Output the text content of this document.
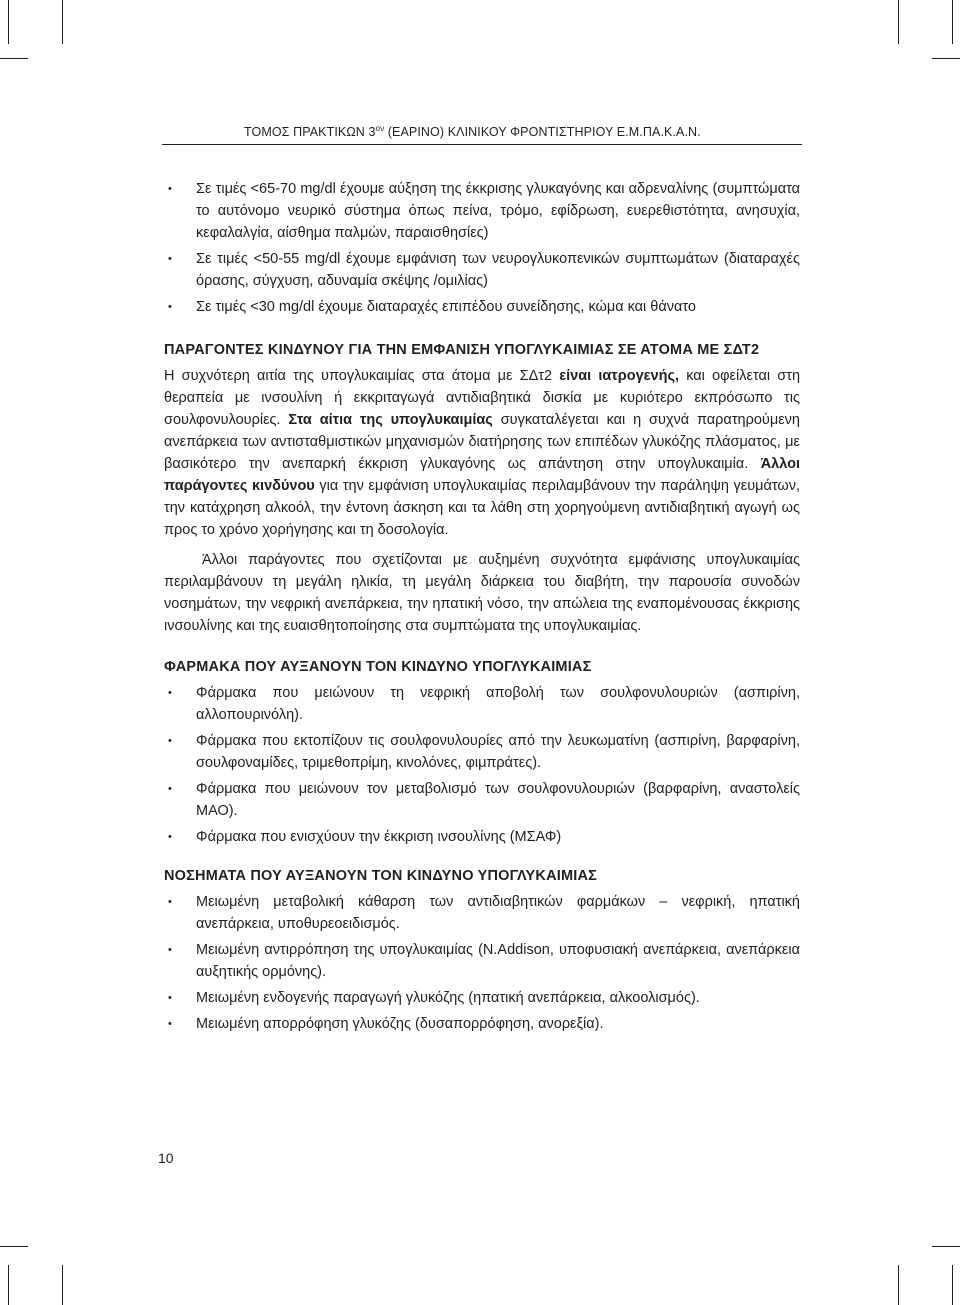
ΤΟΜΟΣ ΠΡΑΚΤΙΚΩΝ $3^{o\nu}$ (ΕΑΡΙΝΟ) ΚΛΙΝΙΚΟΥ ΦΡΟΝΤΙΣΤΗΡΙΟΥ Ε.Μ.ΠΑ.Κ.Α.Ν.
• Σε τιμές <65-70 mg/dl έχουμε αύξηση της έκκρισης γλυκαγόνης και αδρεναλίνης (συμπτώματα το αυτόνομο νευρικό σύστημα όπως πείνα, τρόμο, εφίδρωση, ευερεθιστότητα, ανησυχία, κεφαλαλγία, αίσθημα παλμών, παραισθησίες)
• Σε τιμές <50-55 mg/dl έχουμε εμφάνιση των νευρογλυκοπενικών συμπτωμάτων (διαταραχές όρασης, σύγχυση, αδυναμία σκέψης /ομιλίας)
• Σε τιμές <30 mg/dl έχουμε διαταραχές επιπέδου συνείδησης, κώμα και θάνατο
ΠΑΡΑΓΟΝΤΕΣ ΚΙΝΔΥΝΟΥ ΓΙΑ ΤΗΝ ΕΜΦΑΝΙΣΗ ΥΠΟΓΛΥΚΑΙΜΙΑΣ ΣΕ ΑΤΟΜΑ ΜΕ ΣΔΤ2

Η συχνότερη αιτία της υπογλυκαιμίας στα άτομα με ΣΔτ2 είναι ιατρογενής, και οφείλεται στη θεραπεία με ινσουλίνη ή εκκριταγωγά αντιδιαβητικά δισκία με κυριότερο εκπρόσωπο τις σουλφονυλουρίες. Στα αίτια της υπογλυκαιμίας συγκαταλέγεται και η συχνά παρατηρούμενη ανεπάρκεια των αντισταθμιστικών μηχανισμών διατήρησης των επιπέδων γλυκόζης πλάσματος, με βασικότερο την ανεπαρκή έκκριση γλυκαγόνης ως απάντηση στην υπογλυκαιμία. Άλλοι παράγοντες κινδύνου για την εμφάνιση υπογλυκαιμίας περιλαμβάνουν την παράληψη γευμάτων, την κατάχρηση αλκοόλ, την έντονη άσκηση και τα λάθη στη χορηγούμενη αντιδιαβητική αγωγή ως προς το χρόνο χορήγησης και τη δοσολογία.

Άλλοι παράγοντες που σχετίζονται με αυξημένη συχνότητα εμφάνισης υπογλυκαιμίας περιλαμβάνουν τη μεγάλη ηλικία, τη μεγάλη διάρκεια του διαβήτη, την παρουσία συνοδών νοσημάτων, την νεφρική ανεπάρκεια, την ηπατική νόσο, την απώλεια της εναπομένουσας έκκρισης ινσουλίνης και της ευαισθητοποίησης στα συμπτώματα της υπογλυκαιμίας.

ΦΑΡΜΑΚΑ ΠΟΥ ΑΥΞΑΝΟΥΝ ΤΟΝ ΚΙΝΔΥΝΟ ΥΠΟΓΛΥΚΑΙΜΙΑΣ
• Φάρμακα που μειώνουν τη νεφρική αποβολή των σουλφονυλουριών (ασπιρίνη, αλλοπουρινόλη).
• Φάρμακα που εκτοπίζουν τις σουλφονυλουρίες από την λευκωματίνη (ασπιρίνη, βαρφαρίνη, σουλφοναμίδες, τριμεθοπρίμη, κινολόνες, φιμπράτες).
• Φάρμακα που μειώνουν τον μεταβολισμό των σουλφονυλουριών (βαρφαρίνη, αναστολείς ΜΑΟ).
• Φάρμακα που ενισχύουν την έκκριση ινσουλίνης (ΜΣΑΦ)
ΝΟΣΗΜΑΤΑ ΠΟΥ ΑΥΞΑΝΟΥΝ ΤΟΝ ΚΙΝΔΥΝΟ ΥΠΟΓΛΥΚΑΙΜΙΑΣ
• Μειωμένη μεταβολική κάθαρση των αντιδιαβητικών φαρμάκων – νεφρική, ηπατική ανεπάρκεια, υποθυρεοειδισμός.
• Μειωμένη αντιρρόπηση της υπογλυκαιμίας (N.Addison, υποφυσιακή ανεπάρκεια, ανεπάρκεια αυξητικής ορμόνης).
• Μειωμένη ενδογενής παραγωγή γλυκόζης (ηπατική ανεπάρκεια, αλκοολισμός).
• Μειωμένη απορρόφηση γλυκόζης (δυσαπορρόφηση, ανορεξία).
10
